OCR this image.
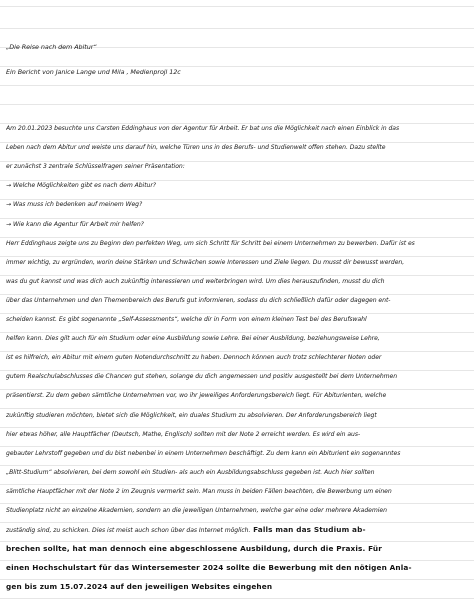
„Die Reise nach dem Abitur“
Ein Bericht von Janice Lange und Mila , Medienprojl 12c
Am 20.01.2023 besuchte uns Carsten Eddinghaus von der Agentur für Arbeit. Er bat uns die Möglichkeit nach einen Einblick in das
Leben nach dem Abitur und weiste uns darauf hin, welche Türen uns in des Berufs- und Studienwelt offen stehen. Dazu stellte
er zunächst 3 zentrale Schlüsselfragen seiner Präsentation:
→ Welche Möglichkeiten gibt es nach dem Abitur?
→ Was muss ich bedenken auf meinem Weg?
→ Wie kann die Agentur für Arbeit mir helfen?
Herr Eddinghaus zeigte uns zu Beginn den perfekten Weg, um sich Schritt für Schritt bei einem Unternehmen zu bewerben. Dafür ist es
immer wichtig, zu ergründen, worin deine Stärken und Schwächen sowie Interessen und Ziele liegen. Du musst dir bewusst werden,
was du gut kannst und was dich auch zukünftig interessieren und weiterbringen wird. Um dies herauszufinden, musst du dich
über das Unternehmen und den Themenbereich des Berufs gut informieren, sodass du dich schließlich dafür oder dagegen ent-
scheiden kannst. Es gibt sogenannte „Self-Assessments“, welche dir in Form von einem kleinen Test bei des Berufswahl
helfen kann. Dies gilt auch für ein Studium oder eine Ausbildung sowie Lehre. Bei einer Ausbildung, beziehungsweise Lehre,
ist es hilfreich, ein Abitur mit einem guten Notendurchschnitt zu haben. Dennoch können auch trotz schlechterer Noten oder
gutem Realschulabschlusses die Chancen gut stehen, solange du dich angemessen und positiv ausgestellt bei dem Unternehmen
präsentierst. Zu dem geben sämtliche Unternehmen vor, wo ihr jeweiliges Anforderungsbereich liegt. Für Abiturienten, welche
zukünftig studieren möchten, bietet sich die Möglichkeit, ein duales Studium zu absolvieren. Der Anforderungsbereich liegt
hier etwas höher, alle Hauptfächer (Deutsch, Mathe, Englisch) sollten mit der Note 2 erreicht werden. Es wird ein aus-
gebauter Lehrstoff gegeben und du bist nebenbei in einem Unternehmen beschäftigt. Zu dem kann ein Abiturient ein sogenanntes
„Blitt-Studium“ absolvieren, bei dem sowohl ein Studien- als auch ein Ausbildungsabschluss gegeben ist. Auch hier sollten
sämtliche Hauptfächer mit der Note 2 im Zeugnis vermerkt sein. Man muss in beiden Fällen beachten, die Bewerbung um einen
Studienplatz nicht an einzelne Akademien, sondern an die jeweiligen Unternehmen, welche gar eine oder mehrere Akademien
zuständig sind, zu schicken. Dies ist meist auch schon über das Internet möglich. Falls man das Studium ab-
brechen sollte, hat man dennoch eine abgeschlossene Ausbildung, durch die Praxis. Für
einen Hochschulstart für das Wintersemester 2024 sollte die Bewerbung mit den nötigen Anla-
gen bis zum 15.07.2024 auf den jeweiligen Websites eingehen
